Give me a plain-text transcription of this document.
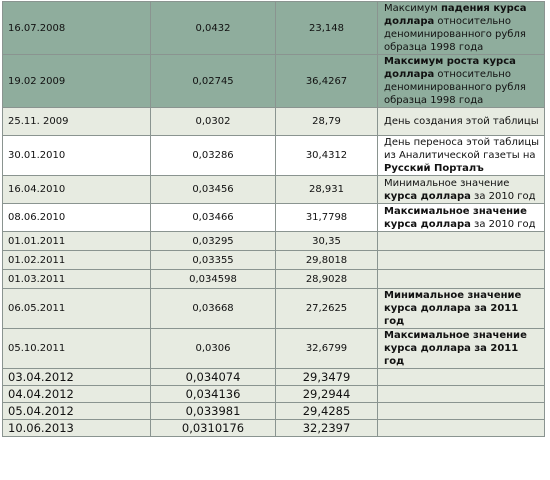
16.07.2008	0,0432	23,148	Максимум падения курса доллара относительно деноминированного рубля образца 1998 года
19.02 2009	0,02745	36,4267	Максимум роста курса доллара относительно деноминированного рубля образца 1998 года
25.11. 2009	0,0302	28,79	День создания этой таблицы
30.01.2010	0,03286	30,4312	День переноса этой таблицы из Аналитической газеты на Русский Порталъ
16.04.2010	0,03456	28,931	Минимальное значение курса доллара за 2010 год
08.06.2010	0,03466	31,7798	Максимальное значение курса доллара за 2010 год
01.01.2011	0,03295	30,35	
01.02.2011	0,03355	29,8018	
01.03.2011	0,034598	28,9028	
06.05.2011	0,03668	27,2625	Минимальное значение курса доллара за 2011 год
05.10.2011	0,0306	32,6799	Максимальное значение курса доллара за 2011 год
03.04.2012	0,034074	29,3479	
04.04.2012	0,034136	29,2944	
05.04.2012	0,033981	29,4285	
10.06.2013	0,0310176	32,2397	
